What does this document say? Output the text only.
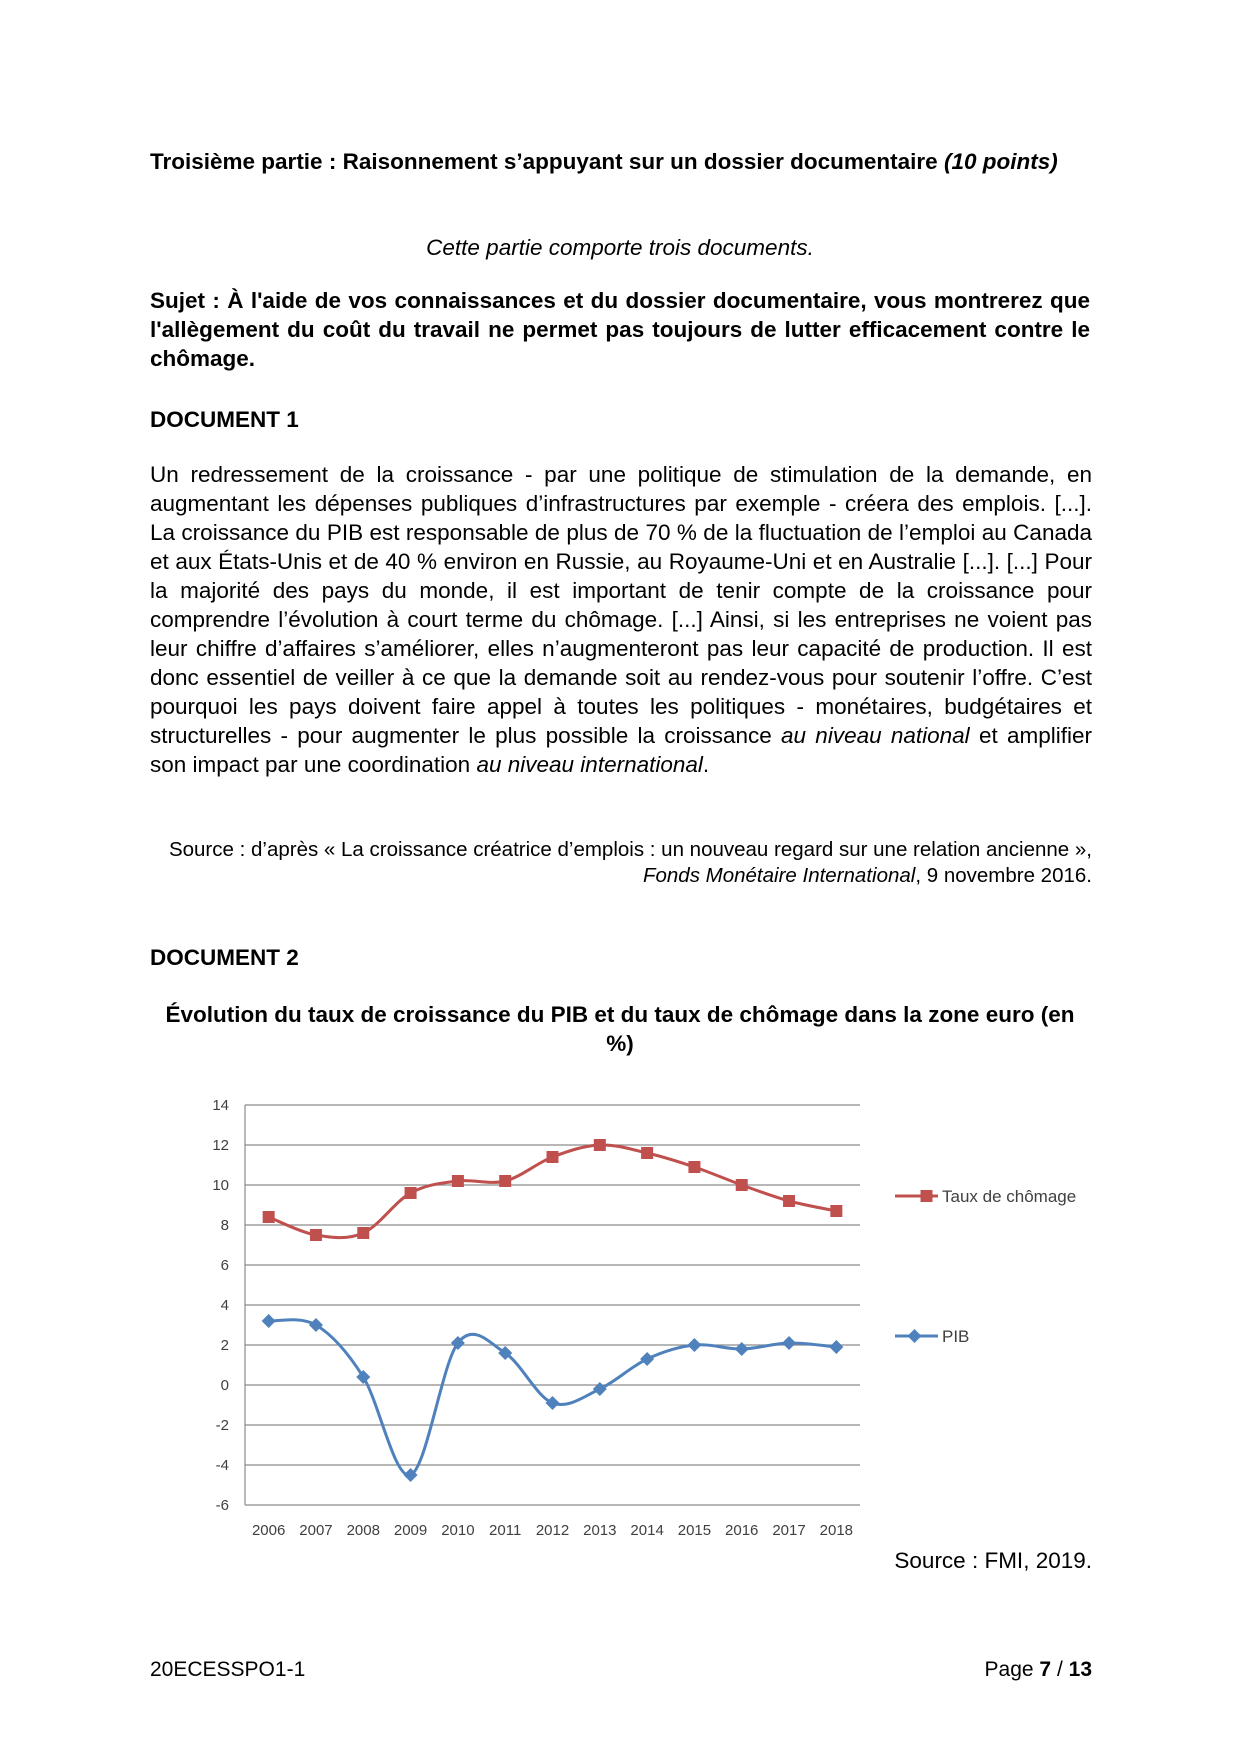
Troisième partie : Raisonnement s’appuyant sur un dossier documentaire (10 points)
Cette partie comporte trois documents.
Sujet : À l'aide de vos connaissances et du dossier documentaire, vous montrerez que l'allègement du coût du travail ne permet pas toujours de lutter efficacement contre le chômage.
DOCUMENT 1
Un redressement de la croissance - par une politique de stimulation de la demande, en augmentant les dépenses publiques d’infrastructures par exemple - créera des emplois. [...]. La croissance du PIB est responsable de plus de 70 % de la fluctuation de l’emploi au Canada et aux États-Unis et de 40 % environ en Russie, au Royaume-Uni et en Australie [...]. [...] Pour la majorité des pays du monde, il est important de tenir compte de la croissance pour comprendre l’évolution à court terme du chômage. [...] Ainsi, si les entreprises ne voient pas leur chiffre d’affaires s’améliorer, elles n’augmenteront pas leur capacité de production. Il est donc essentiel de veiller à ce que la demande soit au rendez-vous pour soutenir l’offre. C’est pourquoi les pays doivent faire appel à toutes les politiques - monétaires, budgétaires et structurelles - pour augmenter le plus possible la croissance au niveau national et amplifier son impact par une coordination au niveau international.
Source : d’après « La croissance créatrice d’emplois : un nouveau regard sur une relation ancienne », Fonds Monétaire International, 9 novembre 2016.
DOCUMENT 2
Évolution du taux de croissance du PIB et du taux de chômage dans la zone euro (en %)
14
12
10
8
6
4
2
0
-2
-4
-6
2006 2007 2008 2009 2010 2011 2012 2013 2014 2015 2016 2017 2018
Taux de chômage
PIB
Source : FMI, 2019.
20ECESSPO1-1	Page 7 / 13
